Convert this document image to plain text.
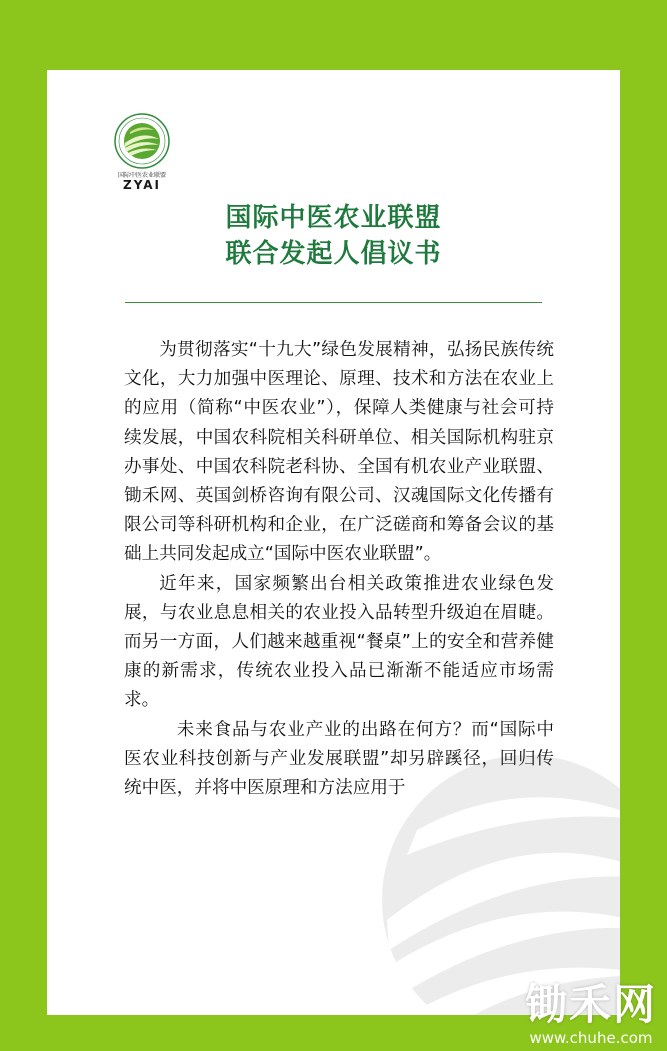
国际中医农业联盟
ZYAI
国际中医农业联盟
联合发起人倡议书

为贯彻落实“十九大”绿色发展精神，弘扬民族传统文化，大力加强中医理论、原理、技术和方法在农业上的应用（简称“中医农业”），保障人类健康与社会可持续发展，中国农科院相关科研单位、相关国际机构驻京办事处、中国农科院老科协、全国有机农业产业联盟、锄禾网、英国剑桥咨询有限公司、汉魂国际文化传播有限公司等科研机构和企业，在广泛磋商和筹备会议的基础上共同发起成立“国际中医农业联盟”。

近年来，国家频繁出台相关政策推进农业绿色发展，与农业息息相关的农业投入品转型升级迫在眉睫。而另一方面，人们越来越重视“餐桌”上的安全和营养健康的新需求，传统农业投入品已渐渐不能适应市场需求。

未来食品与农业产业的出路在何方？而“国际中医农业科技创新与产业发展联盟”却另辟蹊径，回归传统中医，并将中医原理和方法应用于

锄禾网
www.chuhe.com
